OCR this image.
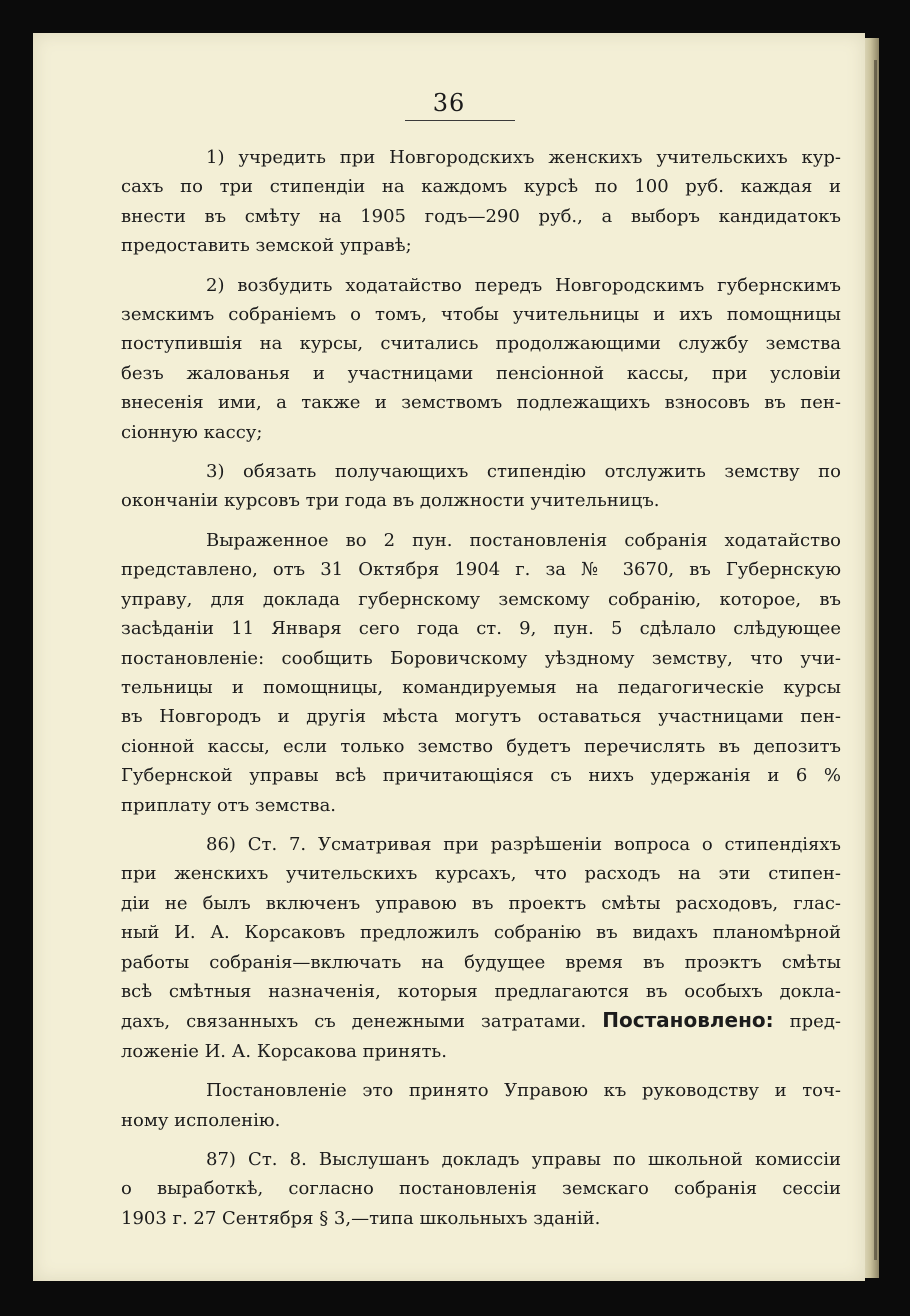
36
1) учредить при Новгородскихъ женскихъ учительскихъ кур-
сахъ по три стипендіи на каждомъ курсѣ по 100 руб. каждая и
внести въ смѣту на 1905 годъ—290 руб., а выборъ кандидатокъ
предоставить земской управѣ;
2) возбудить ходатайство передъ Новгородскимъ губернскимъ
земскимъ собраніемъ о томъ, чтобы учительницы и ихъ помощницы
поступившія на курсы, считались продолжающими службу земства
безъ жалованья и участницами пенсіонной кассы, при условіи
внесенія ими, а также и земствомъ подлежащихъ взносовъ въ пен-
сіонную кассу;
3) обязать получающихъ стипендію отслужить земству по
окончаніи курсовъ три года въ должности учительницъ.
Выраженное во 2 пун. постановленія собранія ходатайство
представлено, отъ 31 Октября 1904 г. за № 3670, въ Губернскую
управу, для доклада губернскому земскому собранію, которое, въ
засѣданіи 11 Января сего года ст. 9, пун. 5 сдѣлало слѣдующее
постановленіе: сообщить Боровичскому уѣздному земству, что учи-
тельницы и помощницы, командируемыя на педагогическіе курсы
въ Новгородъ и другія мѣста могутъ оставаться участницами пен-
сіонной кассы, если только земство будетъ перечислять въ депозитъ
Губернской управы всѣ причитающіяся съ нихъ удержанія и 6 %
приплату отъ земства.
86) Ст. 7. Усматривая при разрѣшеніи вопроса о стипендіяхъ
при женскихъ учительскихъ курсахъ, что расходъ на эти стипен-
діи не былъ включенъ управою въ проектъ смѣты расходовъ, глас-
ный И. А. Корсаковъ предложилъ собранію въ видахъ планомѣрной
работы собранія—включать на будущее время въ проэктъ смѣты
всѣ смѣтныя назначенія, которыя предлагаются въ особыхъ докла-
дахъ, связанныхъ съ денежными затратами. Постановлено: пред-
ложеніе И. А. Корсакова принять.
Постановленіе это принято Управою къ руководству и точ-
ному исполенію.
87) Ст. 8. Выслушанъ докладъ управы по школьной комиссіи
о выработкѣ, согласно постановленія земскаго собранія сессіи
1903 г. 27 Сентября § 3,—типа школьныхъ зданій.
